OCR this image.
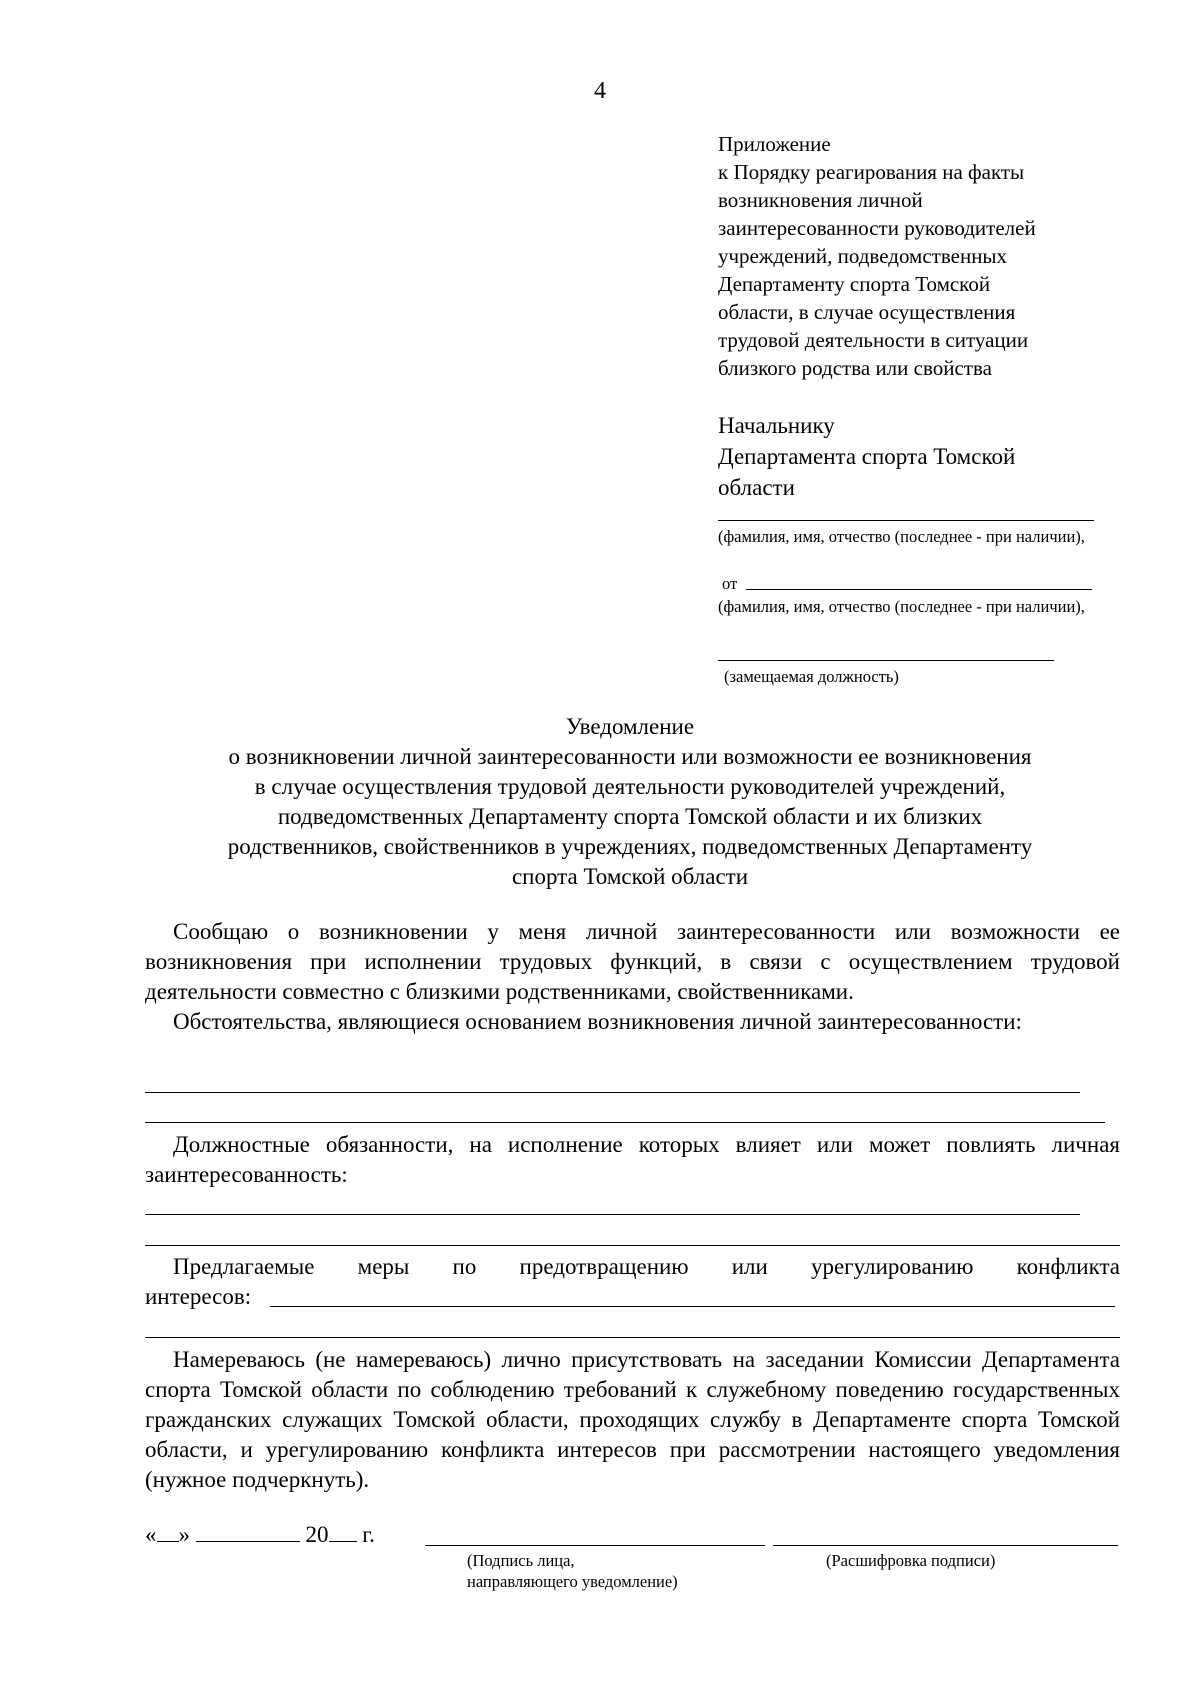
4
Приложение
к Порядку реагирования на факты
возникновения личной
заинтересованности руководителей
учреждений, подведомственных
Департаменту спорта Томской
области, в случае осуществления
трудовой деятельности в ситуации
близкого родства или свойства
Начальнику
Департамента спорта Томской
области
(фамилия, имя, отчество (последнее - при наличии),
от
(фамилия, имя, отчество (последнее - при наличии),
(замещаемая должность)
Уведомление
о возникновении личной заинтересованности или возможности ее возникновения
в случае осуществления трудовой деятельности руководителей учреждений,
подведомственных Департаменту спорта Томской области и их близких
родственников, свойственников в учреждениях, подведомственных Департаменту
спорта Томской области

Сообщаю о возникновении у меня личной заинтересованности или возможности ее возникновения при исполнении трудовых функций, в связи с осуществлением трудовой деятельности совместно с близкими родственниками, свойственниками.

Обстоятельства, являющиеся основанием возникновения личной заинтересованности:

Должностные обязанности, на исполнение которых влияет или может повлиять личная заинтересованность:

Предлагаемые меры по предотвращению или урегулированию конфликта

интересов:

Намереваюсь (не намереваюсь) лично присутствовать на заседании Комиссии Департамента спорта Томской области по соблюдению требований к служебному поведению государственных гражданских служащих Томской области, проходящих службу в Департаменте спорта Томской области, и урегулированию конфликта интересов при рассмотрении настоящего уведомления (нужное подчеркнуть).

« »	20 г.
(Подпись лица,
направляющего уведомление)
(Расшифровка подписи)
